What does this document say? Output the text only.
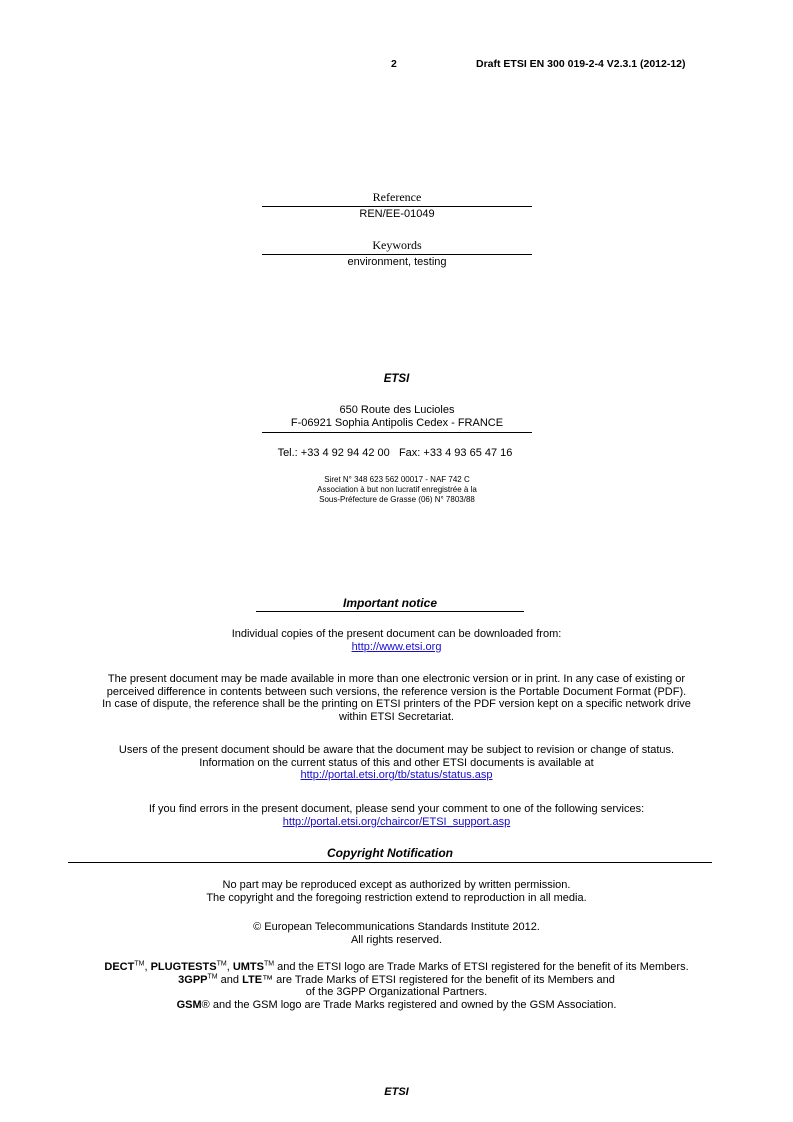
2	Draft ETSI EN 300 019-2-4 V2.3.1 (2012-12)
Reference
REN/EE-01049
Keywords
environment, testing
ETSI
650 Route des Lucioles
F-06921 Sophia Antipolis Cedex - FRANCE
Tel.: +33 4 92 94 42 00   Fax: +33 4 93 65 47 16
Siret N° 348 623 562 00017 - NAF 742 C
Association à but non lucratif enregistrée à la
Sous-Préfecture de Grasse (06) N° 7803/88
Important notice
Individual copies of the present document can be downloaded from:
http://www.etsi.org
The present document may be made available in more than one electronic version or in print. In any case of existing or
perceived difference in contents between such versions, the reference version is the Portable Document Format (PDF).
In case of dispute, the reference shall be the printing on ETSI printers of the PDF version kept on a specific network drive
within ETSI Secretariat.
Users of the present document should be aware that the document may be subject to revision or change of status.
Information on the current status of this and other ETSI documents is available at
http://portal.etsi.org/tb/status/status.asp
If you find errors in the present document, please send your comment to one of the following services:
http://portal.etsi.org/chaircor/ETSI_support.asp
Copyright Notification
No part may be reproduced except as authorized by written permission.
The copyright and the foregoing restriction extend to reproduction in all media.
© European Telecommunications Standards Institute 2012.
All rights reserved.
DECT™, PLUGTESTS™, UMTS™ and the ETSI logo are Trade Marks of ETSI registered for the benefit of its Members.
3GPP™ and LTE™ are Trade Marks of ETSI registered for the benefit of its Members and
of the 3GPP Organizational Partners.
GSM® and the GSM logo are Trade Marks registered and owned by the GSM Association.
ETSI
